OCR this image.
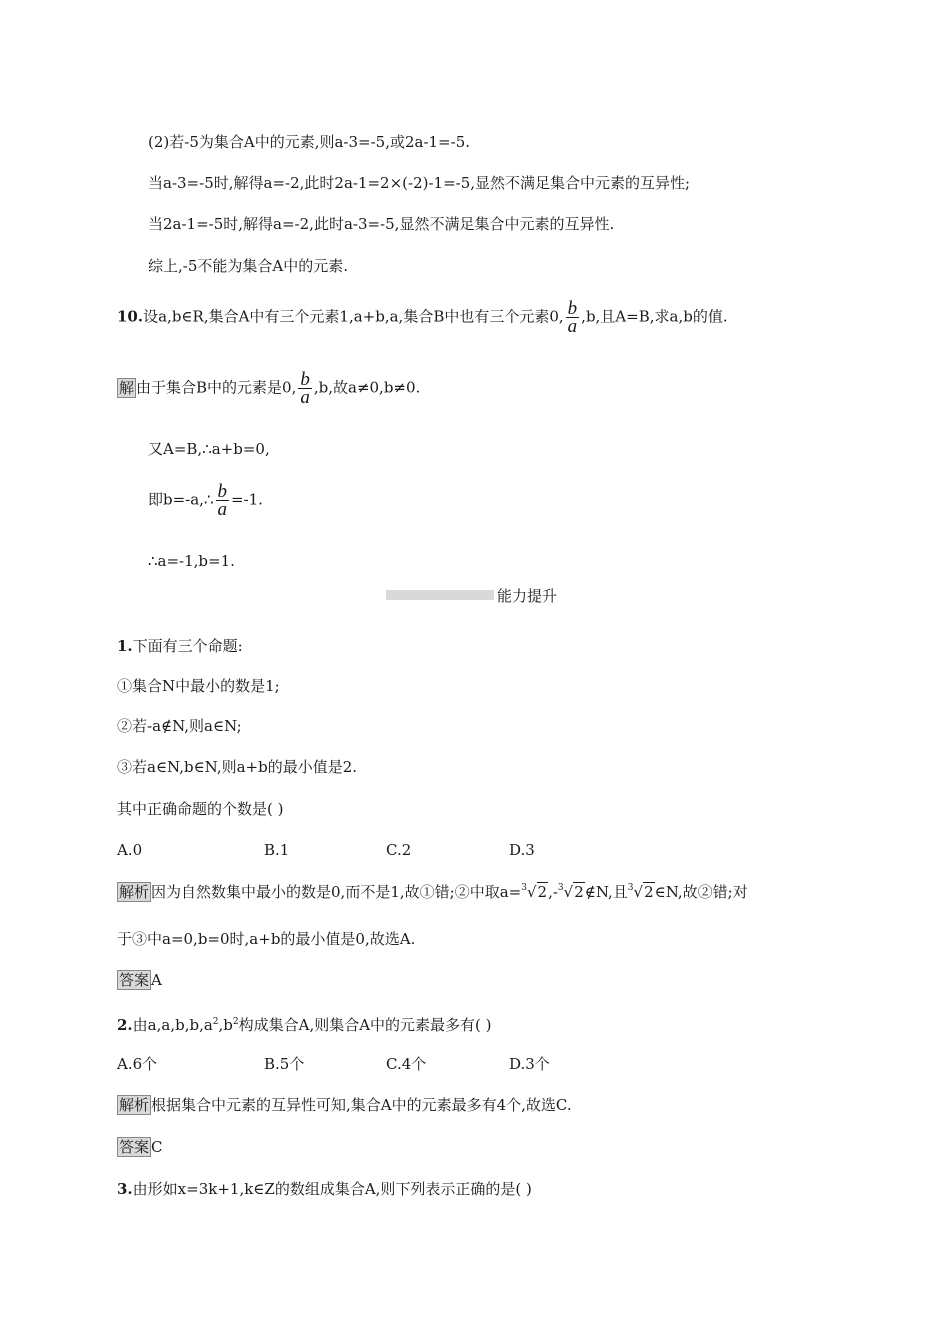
(2)若-5为集合A中的元素,则a-3=-5,或2a-1=-5.
当a-3=-5时,解得a=-2,此时2a-1=2×(-2)-1=-5,显然不满足集合中元素的互异性;
当2a-1=-5时,解得a=-2,此时a-3=-5,显然不满足集合中元素的互异性.
综上,-5不能为集合A中的元素.
10.设a,b∈R,集合A中有三个元素1,a+b,a,集合B中也有三个元素0, $\frac{b}{a} ,b$,且A=B,求a,b的值.
解 由于集合B中的元素是0, $\frac{b}{a} ,b$,故a≠0,b≠0.
又A=B,∴a+b=0,
即b=-a,∴ $\frac{b}{a} =-1$.
∴a=-1,b=1.
能力提升
1.下面有三个命题:
①集合N中最小的数是1;
②若-a∉N,则a∈N;
③若a∈N,b∈N,则a+b的最小值是2.
其中正确命题的个数是( )
A.0	B.1	C.2	D.3
解析 因为自然数集中最小的数是0,而不是1,故①错;②中取a=$^3$√2,-$^3$√2∉N,且$^3$√2∈N,故②错;对
于③中a=0,b=0时,a+b的最小值是0,故选A.
答案 A
2.由$a,a,b,b,a^2,b^2$构成集合A,则集合A中的元素最多有( )
A.6个	B.5个	C.4个	D.3个
解析 根据集合中元素的互异性可知,集合A中的元素最多有4个,故选C.
答案 C
3.由形如x=3k+1,k∈Z的数组成集合A,则下列表示正确的是( )
